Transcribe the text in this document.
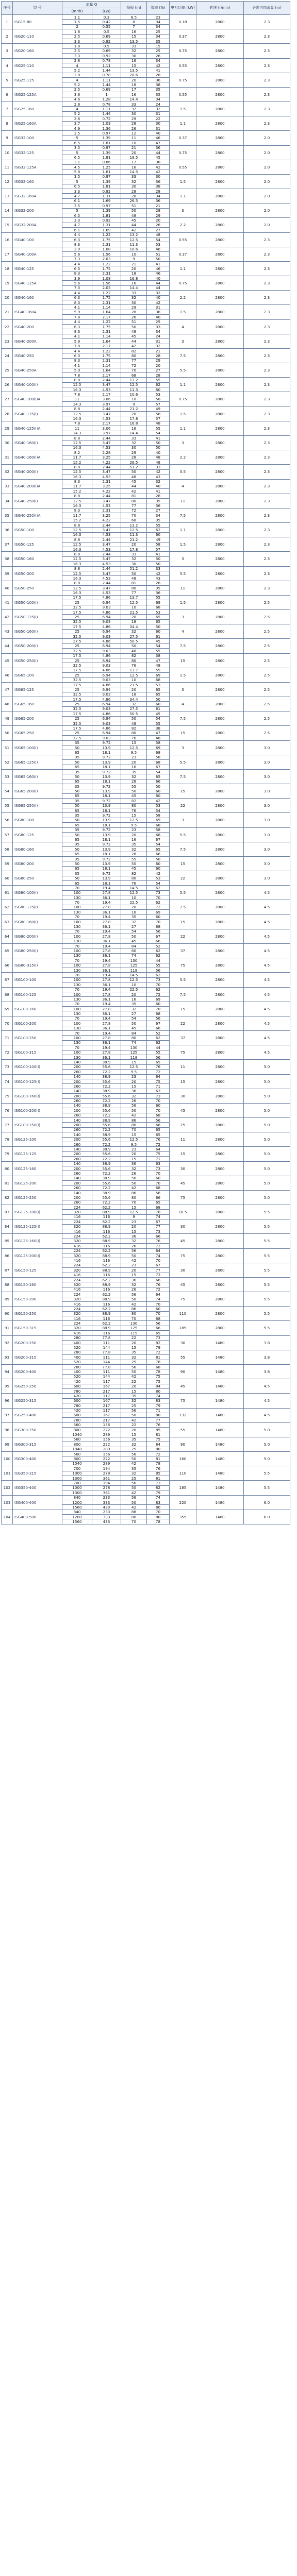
序号	型 号	流量 Q		扬程 (m)	效率 (%)	电机功率 (kW)	转速 (r/min)	必需汽蚀余量 (m)
		(m³/h)	(L/s)					
1	ISG15-80	1.1	0.3	8.5	23	0.18	2800	2.3
		1.5	0.42	8	34			
		2	0.55	7	34			
2	ISG20-110	1.8	0.5	16	25	0.37	2800	2.3
		2.5	0.69	15	34			
		3.3	0.92	13.5	35			
3	ISG20-160	1.8	0.5	33	15	0.75	2800	2.3
		2.5	0.69	32	25			
		3.3	0.92	30	26			
4	ISG25-110	2.8	0.78	16	34	0.55	2800	2.3
		4	1.11	15	42			
		5.2	1.44	13.5	41			
5	ISG25-125	2.8	0.78	20.6	28	0.75	2800	2.3
		4	1.11	20	36			
		5.2	1.44	18	38			
6	ISG25-125A	2.5	0.69	17	35	0.55	2800	2.3
		3.6	1	16	35			
		4.6	1.28	14.4	34			
7	ISG25-160	2.8	0.78	33	24	1.5	2800	2.3
		4	1.11	32	32			
		5.2	1.44	30	31			
8	ISG25-160A	2.6	0.72	29	22	1.1	2800	2.3
		3.7	1.03	28	30			
		4.9	1.36	26	31			
9	ISG32-100	3.5	0.97	12	40	0.37	2800	2.0
		5	1.39	11	46			
		6.5	1.81	10	47			
10	ISG32-125	3.5	0.97	21	36	0.75	2800	2.0
		5	1.39	20	44			
		6.5	1.81	18.5	45			
11	ISG32-125A	3.1	0.86	17	38	0.55	2800	2.0
		4.5	1.25	16	42			
		5.8	1.61	14.5	42			
12	ISG32-160	3.5	0.97	33	30	1.5	2800	2.0
		5	1.39	32	36			
		6.5	1.81	30	38			
13	ISG32-160A	3.3	0.92	29	28	1.1	2800	2.0
		4.7	1.31	28	34			
		6.1	1.69	26.5	36			
14	ISG32-200	3.5	0.97	51	21	3	2800	2.0
		5	1.39	50	28			
		6.5	1.81	48	29			
15	ISG32-200A	3.3	0.92	45	20	2.2	2800	2.0
		4.7	1.31	44	26			
		6.1	1.69	42	27			
16	ISG40-100	4.4	1.22	13.2	48	0.55	2800	2.3
		6.3	1.75	12.5	54			
		8.3	2.31	11.3	53			
17	ISG40-100A	3.9	1.08	10.6	46	0.37	2800	2.3
		5.6	1.56	10	51			
		7.3	2.03	9	50			
18	ISG40-125	4.4	1.22	21	41	1.1	2800	2.3
		6.3	1.75	20	46			
		8.3	2.31	18	46			
19	ISG40-125A	3.9	1.08	16.8	40	0.75	2800	2.3
		5.6	1.56	16	44			
		7.3	2.03	14.4	44			
20	ISG40-160	4.4	1.22	33	32	2.2	2800	2.3
		6.3	1.75	32	40			
		8.3	2.31	30	42			
21	ISG40-160A	4.1	1.14	29	31	1.5	2800	2.3
		5.9	1.64	28	38			
		7.8	2.17	26	40			
22	ISG40-200	4.4	1.22	51	25	4	2800	2.3
		6.3	1.75	50	33			
		8.3	2.31	48	34			
23	ISG40-200A	4.1	1.14	45	24	3	2800	2.3
		5.9	1.64	44	31			
		7.8	2.17	42	32			
24	ISG40-250	4.4	1.22	82	21	7.5	2800	2.3
		6.3	1.75	80	28			
		8.3	2.31	77	29			
25	ISG40-250A	4.1	1.14	72	20	5.5	2800	2.3
		5.9	1.64	70	27			
		7.8	2.17	68	28			
26	ISG40-100(I)	8.8	2.44	13.2	55	1.1	2800	2.3
		12.5	3.47	12.5	62			
		16.3	4.53	11.3	60			
27	ISG40-100(I)A	7.8	2.17	10.6	53	0.75	2800	2.3
		11	3.06	10	58			
		14.3	3.97	9	57			
28	ISG40-125(I)	8.8	2.44	21.2	49	1.5	2800	2.3
		12.5	3.47	20	58			
		16.3	4.53	17.8	57			
29	ISG40-125(I)A	7.8	2.17	16.8	48	1.1	2800	2.3
		11	3.06	16	55			
		14.3	3.97	14.4	54			
30	ISG40-160(I)	8.8	2.44	33	41	3	2800	2.3
		12.5	3.47	32	50			
		16.3	4.53	30	50			
31	ISG40-160(I)A	8.2	2.28	29	40	2.2	2800	2.3
		11.7	3.25	28	48			
		15.2	4.22	26.5	48			
32	ISG40-200(I)	8.8	2.44	51.2	33	5.5	2800	2.3
		12.5	3.47	50	42			
		16.3	4.53	48	43			
33	ISG40-200(I)A	8.3	2.31	45	32	4	2800	2.3
		11.7	3.25	44	40			
		15.2	4.22	42	41			
34	ISG40-250(I)	8.8	2.44	81	28	11	2800	2.3
		12.5	3.47	80	35			
		16.3	4.53	77	36			
35	ISG40-250(I)A	8.3	2.31	72	27	7.5	2800	2.3
		11.7	3.25	70	34			
		15.2	4.22	68	35			
36	ISG50-100	8.8	2.44	13.2	55	1.1	2800	2.3
		12.5	3.47	12.5	62			
		16.3	4.53	11.3	60			
37	ISG50-125	8.8	2.44	21.2	49	1.5	2800	2.3
		12.5	3.47	20	58			
		16.3	4.53	17.8	57			
38	ISG50-160	8.8	2.44	33	41	3	2800	2.3
		12.5	3.47	32	50			
		16.3	4.53	30	50			
39	ISG50-200	8.8	2.44	51.2	33	5.5	2800	2.3
		12.5	3.47	50	42			
		16.3	4.53	48	43			
40	ISG50-250	8.8	2.44	81	28	11	2800	2.3
		12.5	3.47	80	35			
		16.3	4.53	77	36			
41	ISG50-100(I)	17.5	4.86	13.7	55	1.5	2800	2.5
		25	6.94	12.5	69			
		32.5	9.03	10	68			
42	ISG50-125(I)	17.5	4.86	21.5	53	3	2800	2.5
		25	6.94	20	65			
		32.5	9.03	18	65			
43	ISG50-160(I)	17.5	4.86	34.4	50	4	2800	2.5
		25	6.94	32	60			
		32.5	9.03	27.5	61			
44	ISG50-200(I)	17.5	4.86	50.5	45	7.5	2800	2.5
		25	6.94	50	54			
		32.5	9.03	48	55			
45	ISG50-250(I)	17.5	4.86	82	38	15	2800	2.5
		25	6.94	80	47			
		32.5	9.03	76	48			
46	ISG65-100	17.5	4.86	13.7	55	1.5	2800	2.5
		25	6.94	12.5	69			
		32.5	9.03	10	68			
47	ISG65-125	17.5	4.86	21.5	53	3	2800	2.5
		25	6.94	20	65			
		32.5	9.03	18	65			
48	ISG65-160	17.5	4.86	34.4	50	4	2800	2.5
		25	6.94	32	60			
		32.5	9.03	27.5	61			
49	ISG65-200	17.5	4.86	50.5	45	7.5	2800	2.5
		25	6.94	50	54			
		32.5	9.03	48	55			
50	ISG65-250	17.5	4.86	82	38	15	2800	2.5
		25	6.94	80	47			
		32.5	9.03	76	48			
51	ISG65-100(I)	35	9.72	15	58	3	2800	3.0
		50	13.9	12.5	69			
		65	18.1	9.5	68			
52	ISG65-125(I)	35	9.72	23	58	5.5	2800	3.0
		50	13.9	20	68			
		65	18.1	16	67			
53	ISG65-160(I)	35	9.72	35	54	7.5	2800	3.0
		50	13.9	32	65			
		65	18.1	28	66			
54	ISG65-200(I)	35	9.72	55	50	15	2800	3.0
		50	13.9	50	60			
		65	18.1	45	60			
55	ISG65-250(I)	35	9.72	82	42	22	2800	3.0
		50	13.9	80	53			
		65	18.1	76	54			
56	ISG80-100	35	9.72	15	58	3	2800	3.0
		50	13.9	12.5	69			
		65	18.1	9.5	68			
57	ISG80-125	35	9.72	23	58	5.5	2800	3.0
		50	13.9	20	68			
		65	18.1	16	67			
58	ISG80-160	35	9.72	35	54	7.5	2800	3.0
		50	13.9	32	65			
		65	18.1	28	66			
59	ISG80-200	35	9.72	55	50	15	2800	3.0
		50	13.9	50	60			
		65	18.1	45	60			
60	ISG80-250	35	9.72	82	42	22	2800	3.0
		50	13.9	80	53			
		65	18.1	76	54			
61	ISG80-100(I)	70	19.4	14.5	62	5.5	2800	4.5
		100	27.8	12.5	73			
		130	36.1	10	70			
62	ISG80-125(I)	70	19.4	22.5	62	7.5	2800	4.5
		100	27.8	20	72			
		130	36.1	16	69			
63	ISG80-160(I)	70	19.4	35	60	15	2800	4.5
		100	27.8	32	70			
		130	36.1	27	68			
64	ISG80-200(I)	70	19.4	54	56	22	2800	4.5
		100	27.8	50	67			
		130	36.1	45	66			
65	ISG80-250(I)	70	19.4	84	52	37	2800	4.5
		100	27.8	80	62			
		130	36.1	74	62			
66	ISG80-315(I)	70	19.4	130	44	75	2800	4.5
		100	27.8	125	55			
		130	36.1	118	56			
67	ISG100-100	70	19.4	14.5	62	5.5	2800	4.5
		100	27.8	12.5	73			
		130	36.1	10	70			
68	ISG100-125	70	19.4	22.5	62	7.5	2800	4.5
		100	27.8	20	72			
		130	36.1	16	69			
69	ISG100-160	70	19.4	35	60	15	2800	4.5
		100	27.8	32	70			
		130	36.1	27	68			
70	ISG100-200	70	19.4	54	56	22	2800	4.5
		100	27.8	50	67			
		130	36.1	45	66			
71	ISG100-250	70	19.4	84	52	37	2800	4.5
		100	27.8	80	62			
		130	36.1	74	62			
72	ISG100-315	70	19.4	130	44	75	2800	4.5
		100	27.8	125	55			
		130	36.1	118	56			
73	ISG100-100(I)	140	38.9	15	65	11	2800	5.0
		200	55.6	12.5	76			
		260	72.2	9.5	72			
74	ISG100-125(I)	140	38.9	23	64	15	2800	5.0
		200	55.6	20	75			
		260	72.2	15	71			
75	ISG100-160(I)	140	38.9	36	63	30	2800	5.0
		200	55.6	32	73			
		260	72.2	26	70			
76	ISG100-200(I)	140	38.9	56	60	45	2800	5.0
		200	55.6	50	70			
		260	72.2	42	68			
77	ISG100-250(I)	140	38.9	86	56	75	2800	5.0
		200	55.6	80	66			
		260	72.2	70	65			
78	ISG125-100	140	38.9	15	65	11	2800	5.0
		200	55.6	12.5	76			
		260	72.2	9.5	72			
79	ISG125-125	140	38.9	23	64	15	2800	5.0
		200	55.6	20	75			
		260	72.2	15	71			
80	ISG125-160	140	38.9	36	63	30	2800	5.0
		200	55.6	32	73			
		260	72.2	26	70			
81	ISG125-200	140	38.9	56	60	45	2800	5.0
		200	55.6	50	70			
		260	72.2	42	68			
82	ISG125-250	140	38.9	86	56	75	2800	5.0
		200	55.6	80	66			
		260	72.2	70	65			
83	ISG125-100(I)	224	62.2	15	68	18.5	2800	5.5
		320	88.9	12.5	78			
		416	116	9	74			
84	ISG125-125(I)	224	62.2	23	67	30	2800	5.5
		320	88.9	20	77			
		416	116	15	73			
85	ISG125-160(I)	224	62.2	36	66	45	2800	5.5
		320	88.9	32	76			
		416	116	26	72			
86	ISG125-200(I)	224	62.2	56	64	75	2800	5.5
		320	88.9	50	74			
		416	116	42	70			
87	ISG150-125	224	62.2	23	67	30	2800	5.5
		320	88.9	20	77			
		416	116	15	73			
88	ISG150-160	224	62.2	36	66	45	2800	5.5
		320	88.9	32	76			
		416	116	26	72			
89	ISG150-200	224	62.2	56	64	75	2800	5.5
		320	88.9	50	74			
		416	116	42	70			
90	ISG150-250	224	62.2	86	60	110	2800	5.5
		320	88.9	80	70			
		416	116	70	68			
91	ISG150-315	224	62.2	130	56	185	2800	5.5
		320	88.9	125	66			
		416	116	115	65			
92	ISG200-250	280	77.8	22	73	30	1480	3.8
		400	111	20	82			
		520	144	15	79			
93	ISG200-315	280	77.8	35	72	55	1480	3.8
		400	111	32	81			
		520	144	25	78			
94	ISG200-400	280	77.8	56	68	90	1480	3.8
		400	111	50	78			
		520	144	42	75			
95	ISG250-250	420	117	22	75	45	1480	4.5
		600	167	20	84			
		780	217	15	80			
96	ISG250-315	420	117	35	74	75	1480	4.5
		600	167	32	83			
		780	217	25	79			
97	ISG250-400	420	117	56	71	132	1480	4.5
		600	167	50	80			
		780	217	42	77			
98	ISG300-250	560	156	22	76	55	1480	5.0
		800	222	20	85			
		1040	289	15	81			
99	ISG300-315	560	156	35	75	90	1480	5.0
		800	222	32	84			
		1040	289	25	80			
100	ISG300-400	560	156	56	72	160	1480	5.0
		800	222	50	81			
		1040	289	42	78			
101	ISG350-315	700	194	35	76	110	1480	5.5
		1000	278	32	85			
		1300	361	25	81			
102	ISG350-400	700	194	56	73	185	1480	5.5
		1000	278	50	82			
		1300	361	42	79			
103	ISG400-400	840	233	56	74	220	1480	6.0
		1200	333	50	83			
		1560	433	42	80			
104	ISG400-500	840	233	88	70	355	1480	6.0
		1200	333	80	80			
		1560	433	70	78			
